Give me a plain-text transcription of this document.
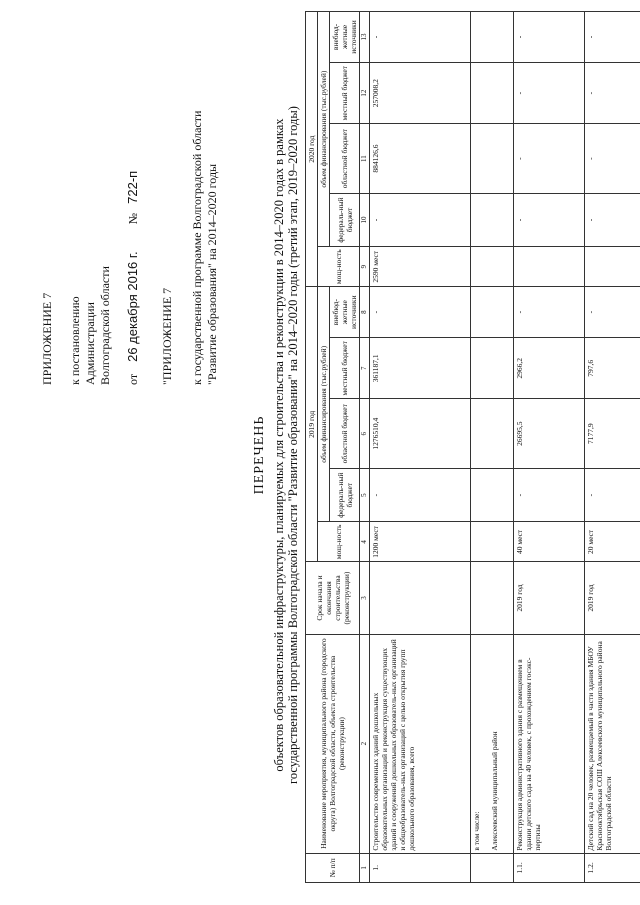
ПРИЛОЖЕНИЕ 7 к постановлению Администрации Волгоградской области от    26 декабря 2016 г.         №   722-п
"ПРИЛОЖЕНИЕ 7 к государственной программе Волгоградской области "Развитие образования" на 2014–2020 годы
ПЕРЕЧЕНЬ объектов образовательной инфраструктуры, планируемых для строительства и реконструкции в 2014–2020 годах в рамках государственной программы Волгоградской области "Развитие образования" на 2014–2020 годы (третий этап, 2019–2020 годы)
№ п/п	Наименование мероприятия, муниципального района (городского округа) Волгоградской области, объекта строительства (реконструкции)	Срок начала и окончания строительства (реконструкции)	2019 год					2020 год				
			мощ-ность	объем финансирования (тыс.рублей)				мощ-ность	объем финансирования (тыс.рублей)			
				федераль-ный бюджет	областной бюджет	местный бюджет	внебюд-жетные источники		федераль-ный бюджет	областной бюджет	местный бюджет	внебюд-жетные источники
1	2	3	4	5	6	7	8	9	10	11	12	13
1.	Строительство современных зданий дошкольных образовательных организаций и реконструкция существующих зданий и сооружений дошкольных образователь-ных организаций и общеобразователь-ных организаций с целью открытия групп дошкольного образования, всего		1200 мест	-	1276510,4	361187,1	-	2590 мест	-	884126,6	257008,2	-
	в том числе:

Алексеевский муниципальный район											
1.1.	Реконструкция административного здания с размещением в здании детского сада на 40 человек, с прохождением госэкс-пертизы	2019 год	40 мест	-	26695,5	2966,2	-		-	-	-	-
1.2.	Детский сад на 20 человек, размещаемый в части здания МБОУ Краснооктябрьская СОШ Алексеевского муниципального района Волгоградской области	2019 год	20 мест	-	7177,9	797,6	-		-	-	-	-
